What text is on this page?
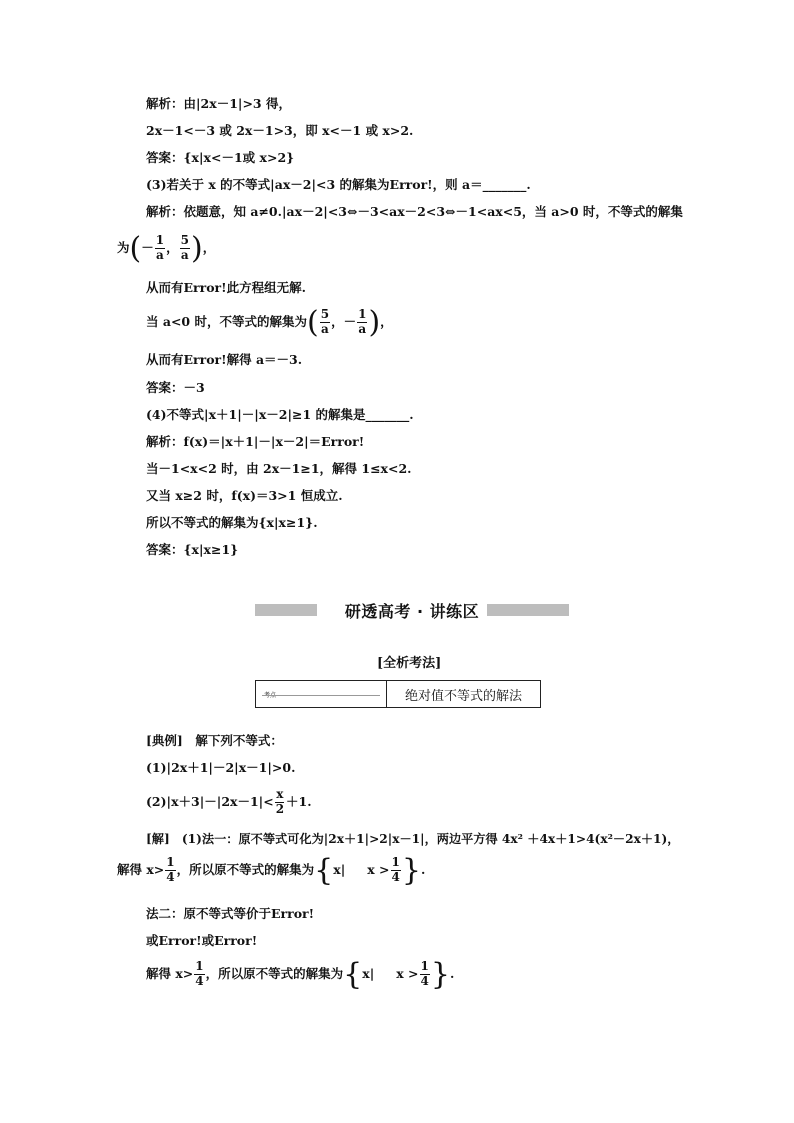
解析：由|2x－1|>3 得，
2x－1<－3 或 2x－1>3，即 x<－1 或 x>2.
答案：{x|x<－1或 x>2}
(3)若关于 x 的不等式|ax－2|<3 的解集为Error!，则 a＝_______.
解析：依题意，知 a≠0.|ax－2|<3⇔－3<ax－2<3⇔－1<ax<5，当 a>0 时，不等式的解集
为(－ $\frac{1}{a}$ ， $\frac{5}{a}$ )，
从而有Error!此方程组无解.
当 a<0 时，不等式的解集为( $\frac{5}{a}$ ，－ $\frac{1}{a}$ )，
从而有Error!解得 a＝－3.
答案：－3
(4)不等式|x＋1|－|x－2|≥1 的解集是_______.
解析：f(x)＝|x＋1|－|x－2|＝Error!
当－1<x<2 时，由 2x－1≥1，解得 1≤x<2.
又当 x≥2 时，f(x)＝3>1 恒成立.
所以不等式的解集为{x|x≥1}.
答案：{x|x≥1}
研透高考 · 讲练区
[全析考法]
考点	绝对值不等式的解法
[典例]　解下列不等式：
(1)|2x＋1|－2|x－1|>0.
$(2)|x+3|-|2x-1|< \frac{x}{2} +1$.
[解]　(1)法一：原不等式可化为|2x＋1|>2|x－1|，两边平方得 4x² ＋4x＋1>4(x²－2x＋1)，
解得 $x> \frac{1}{4}$ ，所以原不等式的解集为{x| $x > \frac{1}{4}$ }.
法二：原不等式等价于Error!
或Error!或Error!
解得 $x> \frac{1}{4}$ ，所以原不等式的解集为{x| $x > \frac{1}{4}$ }.
